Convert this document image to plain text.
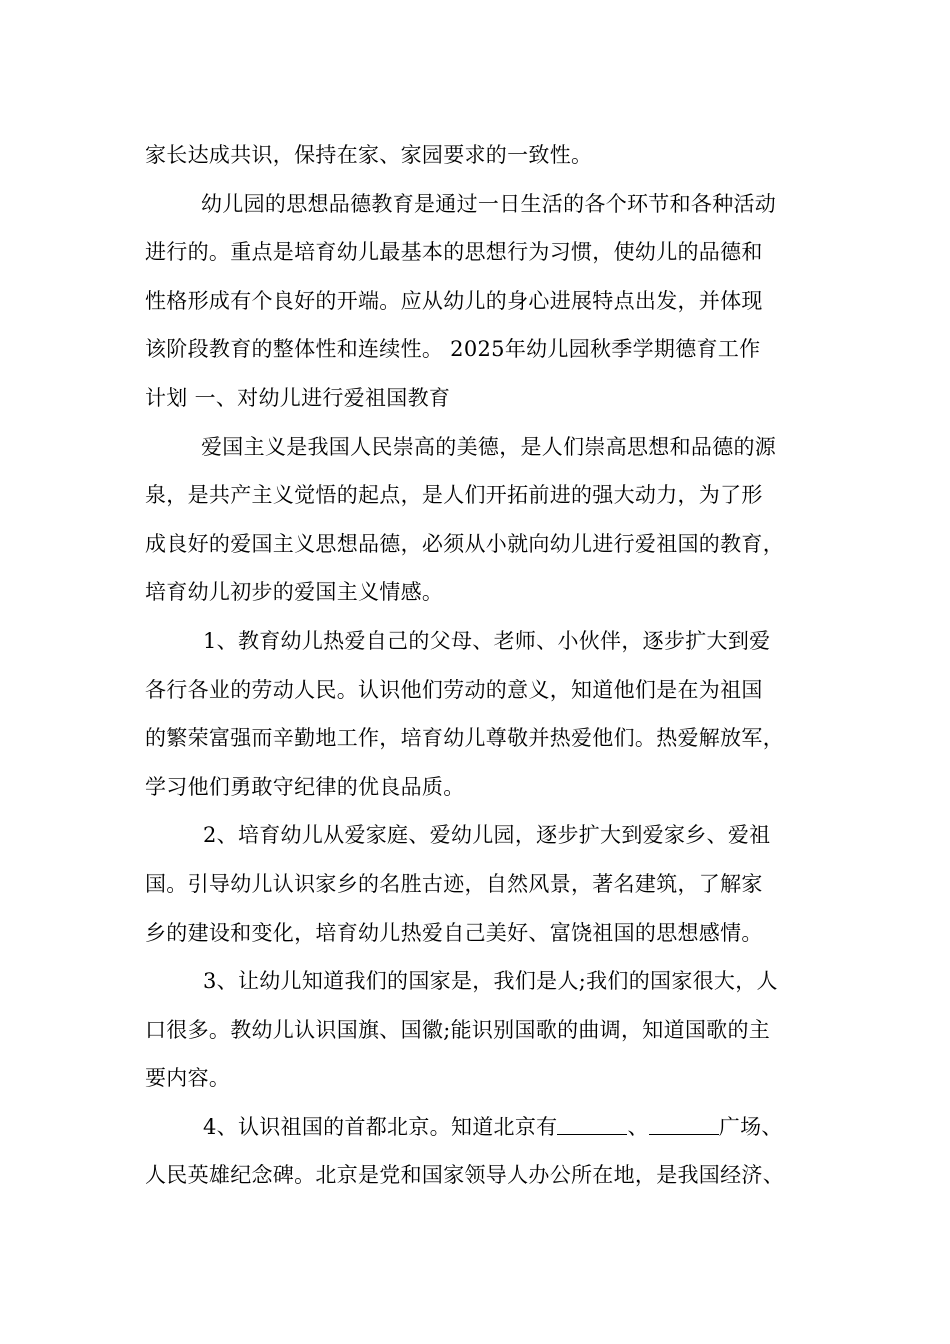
家长达成共识，保持在家、家园要求的一致性。
幼儿园的思想品德教育是通过一日生活的各个环节和各种活动
进行的。重点是培育幼儿最基本的思想行为习惯，使幼儿的品德和
性格形成有个良好的开端。应从幼儿的身心进展特点出发，并体现
该阶段教育的整体性和连续性。 2025年幼儿园秋季学期德育工作
计划 一、对幼儿进行爱祖国教育
爱国主义是我国人民崇高的美德，是人们崇高思想和品德的源
泉，是共产主义觉悟的起点，是人们开拓前进的强大动力，为了形
成良好的爱国主义思想品德，必须从小就向幼儿进行爱祖国的教育，
培育幼儿初步的爱国主义情感。
1、教育幼儿热爱自己的父母、老师、小伙伴，逐步扩大到爱
各行各业的劳动人民。认识他们劳动的意义，知道他们是在为祖国
的繁荣富强而辛勤地工作，培育幼儿尊敬并热爱他们。热爱解放军，
学习他们勇敢守纪律的优良品质。
2、培育幼儿从爱家庭、爱幼儿园，逐步扩大到爱家乡、爱祖
国。引导幼儿认识家乡的名胜古迹，自然风景，著名建筑，了解家
乡的建设和变化，培育幼儿热爱自己美好、富饶祖国的思想感情。
3、让幼儿知道我们的国家是，我们是人;我们的国家很大，人
口很多。教幼儿认识国旗、国徽;能识别国歌的曲调，知道国歌的主
要内容。
4、认识祖国的首都北京。知道北京有	、	广场、
人民英雄纪念碑。北京是党和国家领导人办公所在地，是我国经济、
